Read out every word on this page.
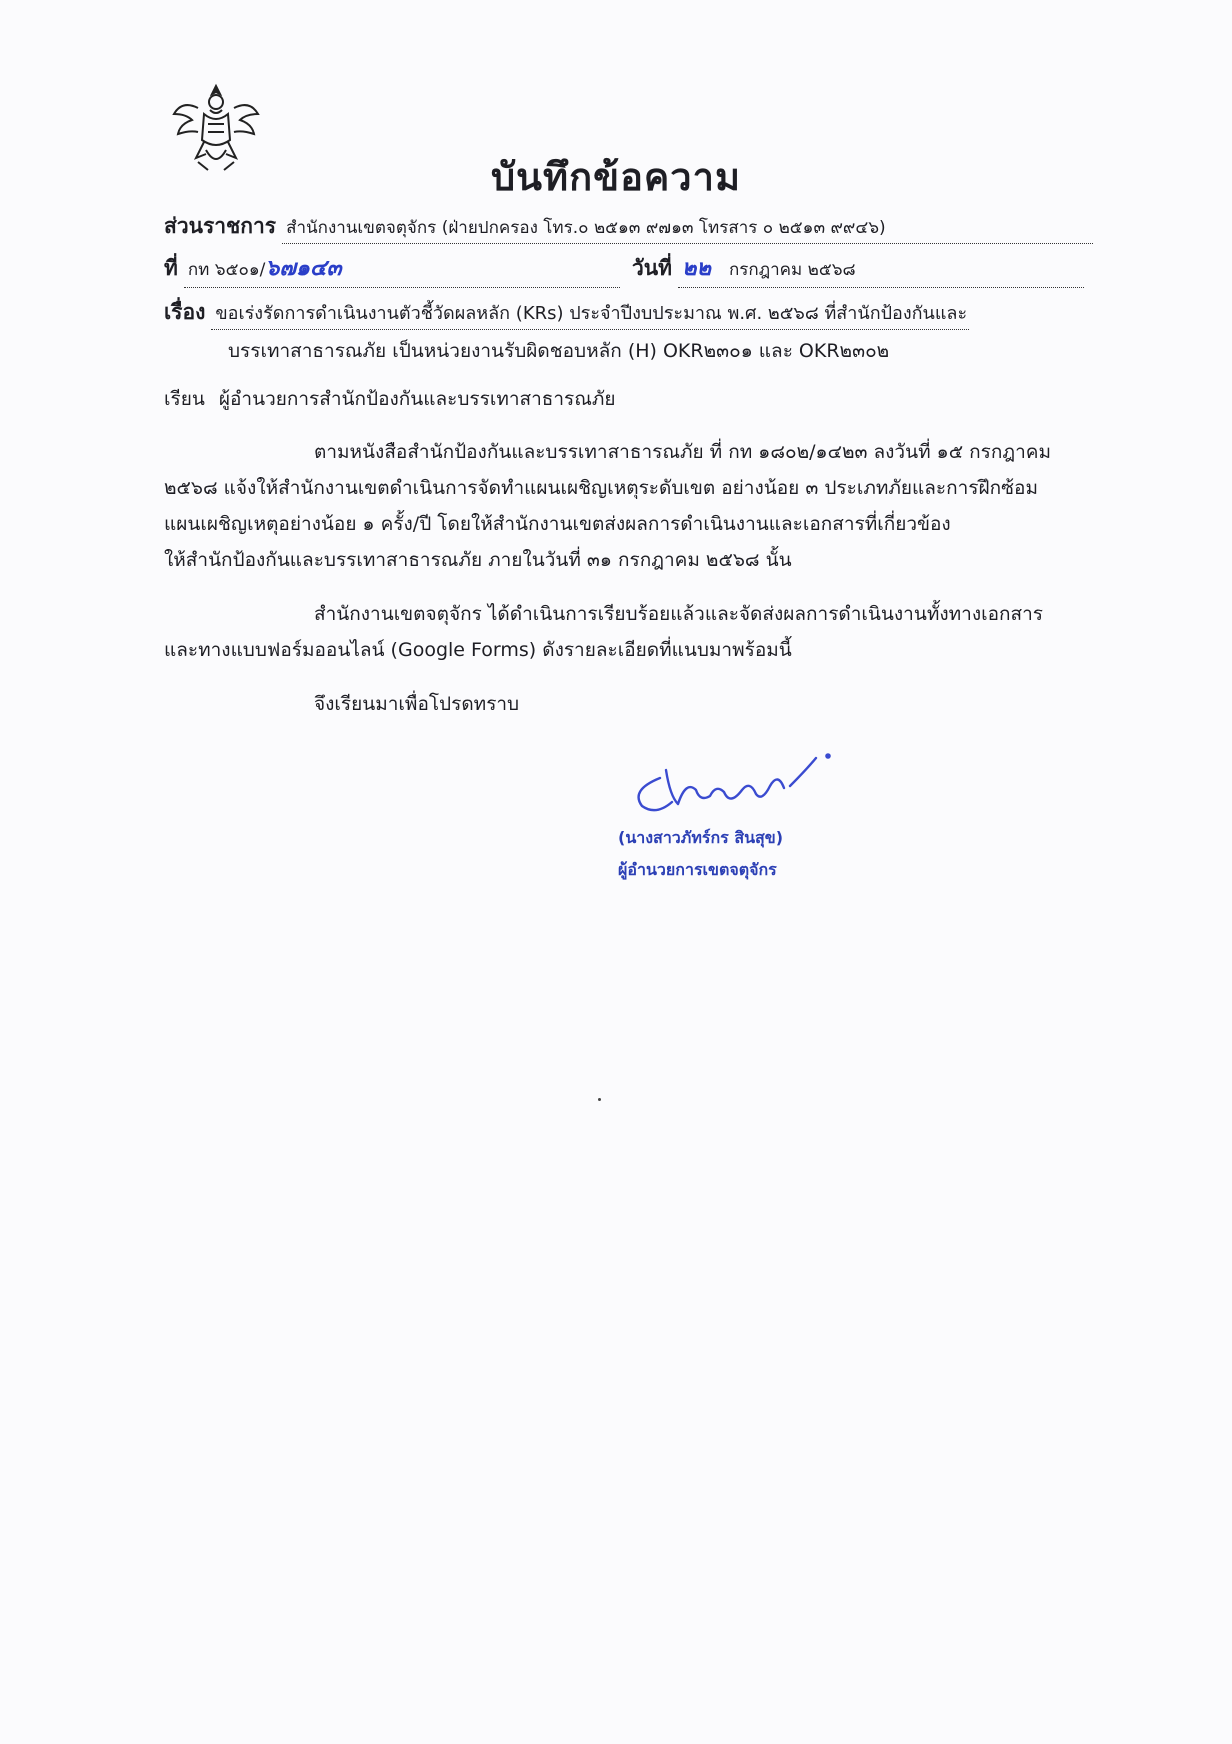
บันทึกข้อความ
ส่วนราชการ สำนักงานเขตจตุจักร (ฝ่ายปกครอง โทร.๐ ๒๕๑๓ ๙๗๑๓ โทรสาร ๐ ๒๕๑๓ ๙๙๔๖)
ที่ กท ๖๕๐๑/๖๗๑๔๓	วันที่ ๒๒ กรกฎาคม ๒๕๖๘
เรื่อง ขอเร่งรัดการดำเนินงานตัวชี้วัดผลหลัก (KRs) ประจำปีงบประมาณ พ.ศ. ๒๕๖๘ ที่สำนักป้องกันและ
บรรเทาสาธารณภัย เป็นหน่วยงานรับผิดชอบหลัก (H) OKR๒๓๐๑ และ OKR๒๓๐๒
เรียน ผู้อำนวยการสำนักป้องกันและบรรเทาสาธารณภัย
ตามหนังสือสำนักป้องกันและบรรเทาสาธารณภัย ที่ กท ๑๘๐๒/๑๔๒๓ ลงวันที่ ๑๕ กรกฎาคม
๒๕๖๘ แจ้งให้สำนักงานเขตดำเนินการจัดทำแผนเผชิญเหตุระดับเขต อย่างน้อย ๓ ประเภทภัยและการฝึกซ้อม
แผนเผชิญเหตุอย่างน้อย ๑ ครั้ง/ปี โดยให้สำนักงานเขตส่งผลการดำเนินงานและเอกสารที่เกี่ยวข้อง
ให้สำนักป้องกันและบรรเทาสาธารณภัย ภายในวันที่ ๓๑ กรกฎาคม ๒๕๖๘ นั้น
สำนักงานเขตจตุจักร ได้ดำเนินการเรียบร้อยแล้วและจัดส่งผลการดำเนินงานทั้งทางเอกสาร
และทางแบบฟอร์มออนไลน์ (Google Forms) ดังรายละเอียดที่แนบมาพร้อมนี้
จึงเรียนมาเพื่อโปรดทราบ
(นางสาวภัทร์กร สินสุข)
ผู้อำนวยการเขตจตุจักร
